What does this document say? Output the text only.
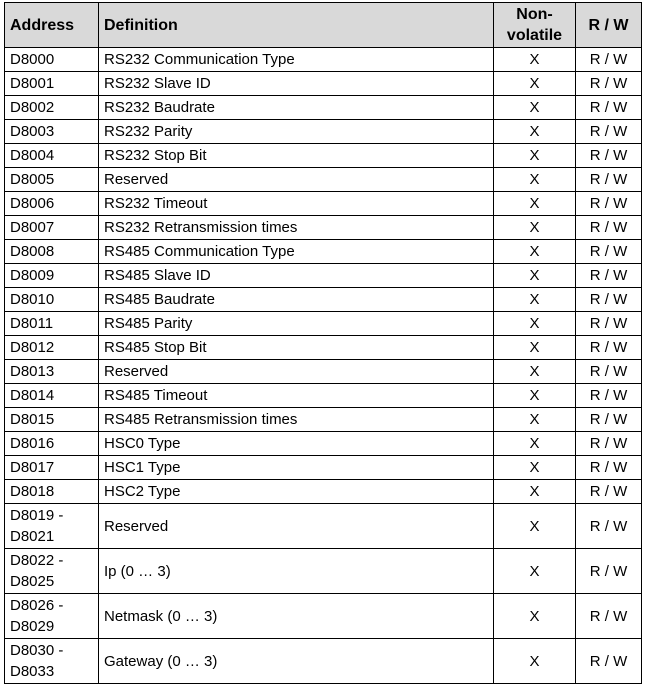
Address	Definition	Non-
volatile	R / W

D8000	RS232 Communication Type	X	R / W

D8001	RS232 Slave ID	X	R / W

D8002	RS232 Baudrate	X	R / W

D8003	RS232 Parity	X	R / W

D8004	RS232 Stop Bit	X	R / W

D8005	Reserved	X	R / W

D8006	RS232 Timeout	X	R / W

D8007	RS232 Retransmission times	X	R / W

D8008	RS485 Communication Type	X	R / W

D8009	RS485 Slave ID	X	R / W

D8010	RS485 Baudrate	X	R / W

D8011	RS485 Parity	X	R / W

D8012	RS485 Stop Bit	X	R / W

D8013	Reserved	X	R / W

D8014	RS485 Timeout	X	R / W

D8015	RS485 Retransmission times	X	R / W

D8016	HSC0 Type	X	R / W

D8017	HSC1 Type	X	R / W

D8018	HSC2 Type	X	R / W

D8019 -
D8021	Reserved	X	R / W

D8022 -
D8025	Ip (0 … 3)	X	R / W

D8026 -
D8029	Netmask (0 … 3)	X	R / W

D8030 -
D8033	Gateway (0 … 3)	X	R / W
